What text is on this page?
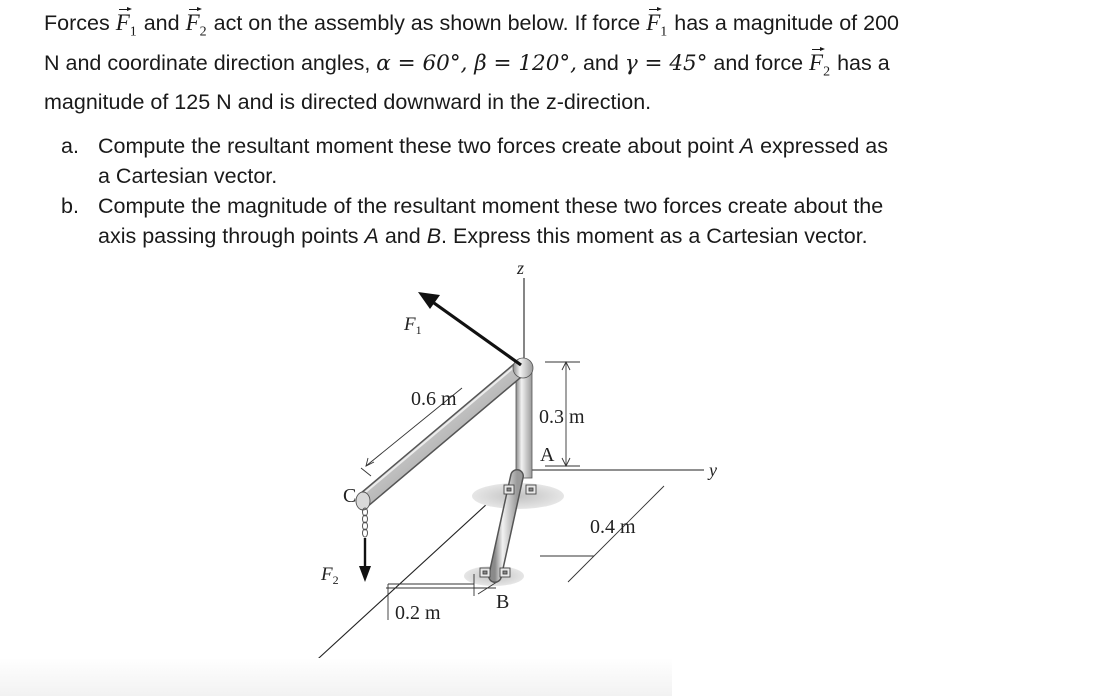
Forces $F_1$ and $F_2$ act on the assembly as shown below. If force $F_1$ has a magnitude of 200
N and coordinate direction angles, α = 60°, β = 120°, and γ = 45° and force $F_2$ has a
magnitude of 125 N and is directed downward in the z-direction.
a. Compute the resultant moment these two forces create about point A expressed as
a Cartesian vector.
b. Compute the magnitude of the resultant moment these two forces create about the
axis passing through points A and B. Express this moment as a Cartesian vector.
z
y
$F_1$
$F_2$
0.6 m
0.3 m
0.4 m
0.2 m
A
B
C
